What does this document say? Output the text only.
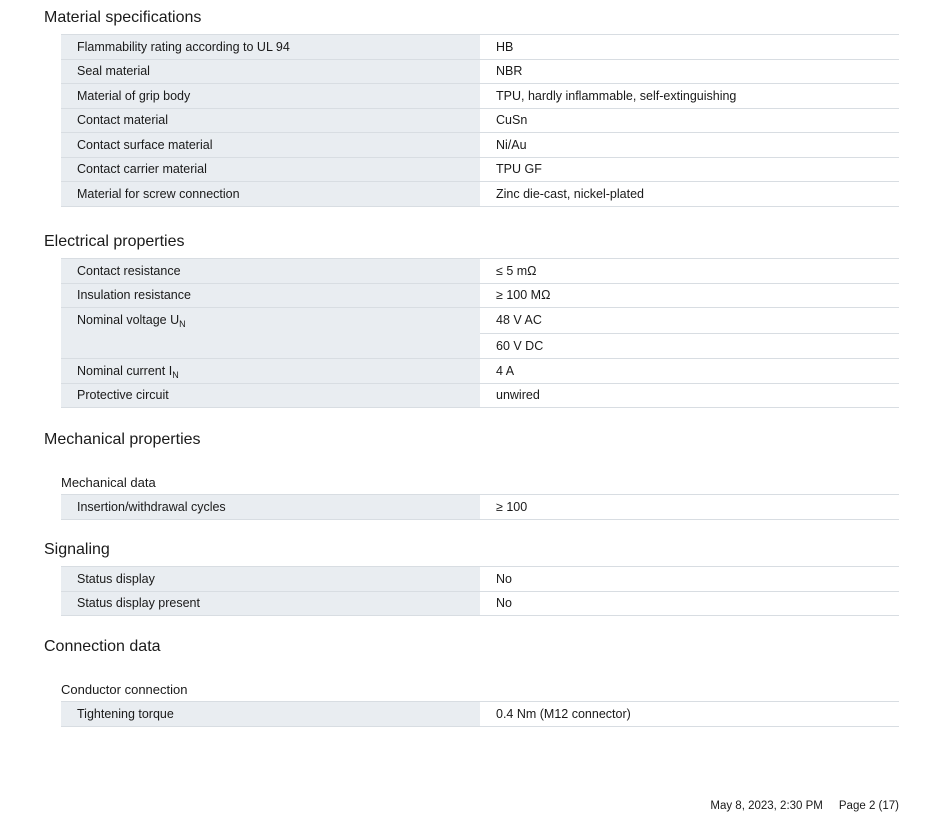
Material specifications
Flammability rating according to UL 94	HB
Seal material	NBR
Material of grip body	TPU, hardly inflammable, self-extinguishing
Contact material	CuSn
Contact surface material	Ni/Au
Contact carrier material	TPU GF
Material for screw connection	Zinc die-cast, nickel-plated
Electrical properties
Contact resistance	≤ 5 mΩ
Insulation resistance	≥ 100 MΩ
Nominal voltage $U_N$	48 V AC
60 V DC

Nominal current $I_N$	4 A
Protective circuit	unwired
Mechanical properties
Mechanical data
Insertion/withdrawal cycles	≥ 100
Signaling
Status display	No
Status display present	No
Connection data
Conductor connection
Tightening torque	0.4 Nm (M12 connector)
May 8, 2023, 2:30 PM Page 2 (17)
